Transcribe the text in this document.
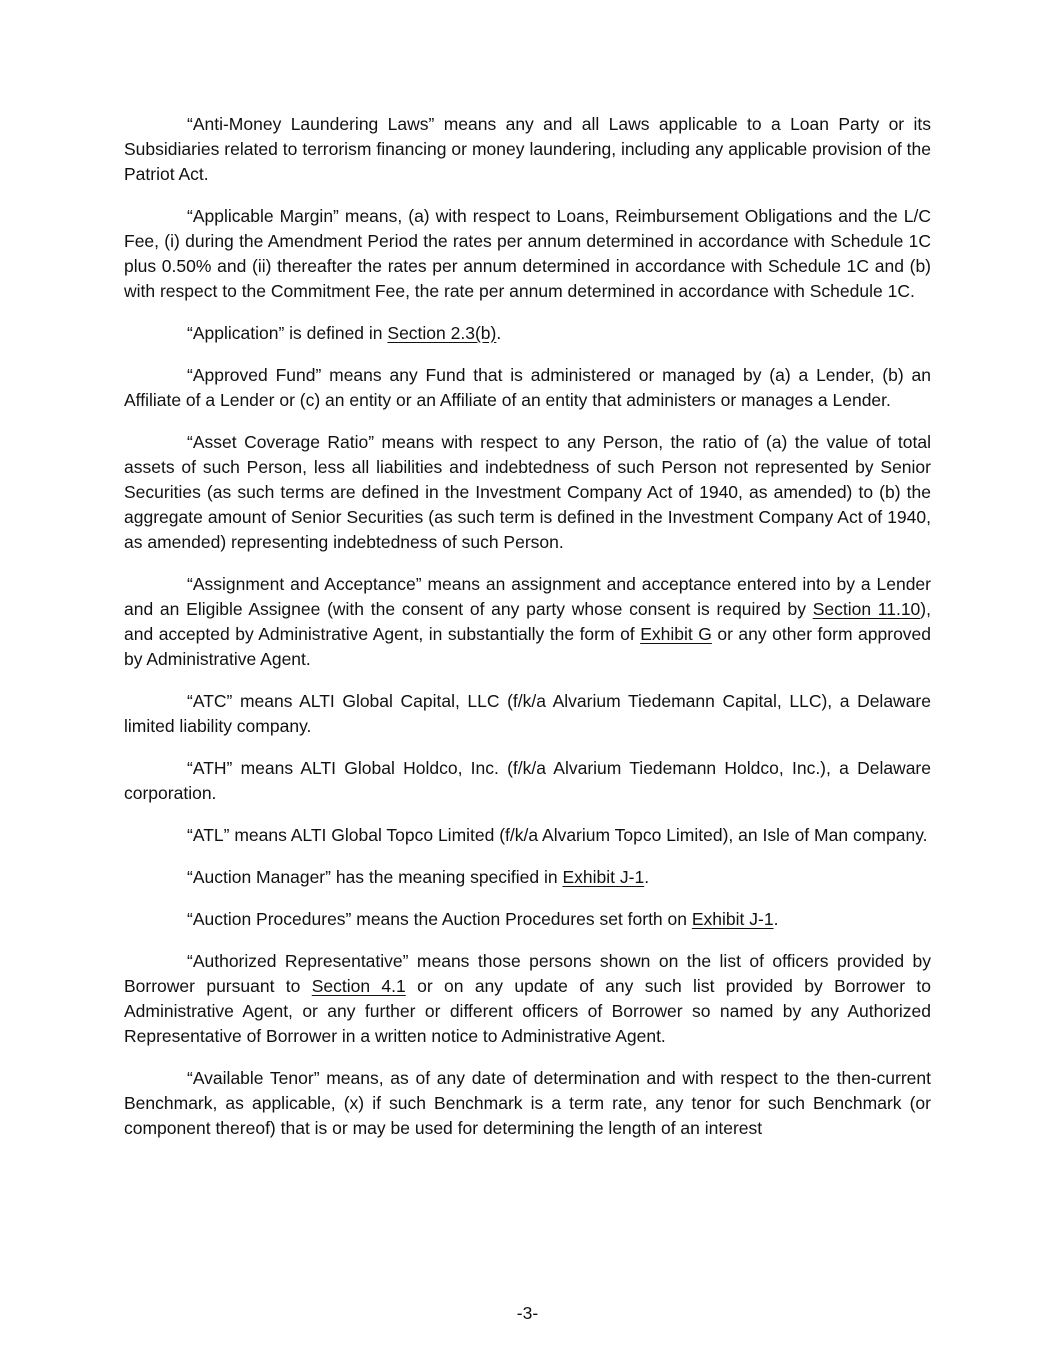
“Anti-Money Laundering Laws” means any and all Laws applicable to a Loan Party or its Subsidiaries related to terrorism financing or money laundering, including any applicable provision of the Patriot Act.

“Applicable Margin” means, (a) with respect to Loans, Reimbursement Obligations and the L/C Fee, (i) during the Amendment Period the rates per annum determined in accordance with Schedule 1C plus 0.50% and (ii) thereafter the rates per annum determined in accordance with Schedule 1C and (b) with respect to the Commitment Fee, the rate per annum determined in accordance with Schedule 1C.

“Application” is defined in Section 2.3(b).

“Approved Fund” means any Fund that is administered or managed by (a) a Lender, (b) an Affiliate of a Lender or (c) an entity or an Affiliate of an entity that administers or manages a Lender.

“Asset Coverage Ratio” means with respect to any Person, the ratio of (a) the value of total assets of such Person, less all liabilities and indebtedness of such Person not represented by Senior Securities (as such terms are defined in the Investment Company Act of 1940, as amended) to (b) the aggregate amount of Senior Securities (as such term is defined in the Investment Company Act of 1940, as amended) representing indebtedness of such Person.

“Assignment and Acceptance” means an assignment and acceptance entered into by a Lender and an Eligible Assignee (with the consent of any party whose consent is required by Section 11.10), and accepted by Administrative Agent, in substantially the form of Exhibit G or any other form approved by Administrative Agent.

“ATC” means ALTI Global Capital, LLC (f/k/a Alvarium Tiedemann Capital, LLC), a Delaware limited liability company.

“ATH” means ALTI Global Holdco, Inc. (f/k/a Alvarium Tiedemann Holdco, Inc.), a Delaware corporation.

“ATL” means ALTI Global Topco Limited (f/k/a Alvarium Topco Limited), an Isle of Man company.

“Auction Manager” has the meaning specified in Exhibit J-1.

“Auction Procedures” means the Auction Procedures set forth on Exhibit J-1.

“Authorized Representative” means those persons shown on the list of officers provided by Borrower pursuant to Section 4.1 or on any update of any such list provided by Borrower to Administrative Agent, or any further or different officers of Borrower so named by any Authorized Representative of Borrower in a written notice to Administrative Agent.

“Available Tenor” means, as of any date of determination and with respect to the then-current Benchmark, as applicable, (x) if such Benchmark is a term rate, any tenor for such Benchmark (or component thereof) that is or may be used for determining the length of an interest

-3-
